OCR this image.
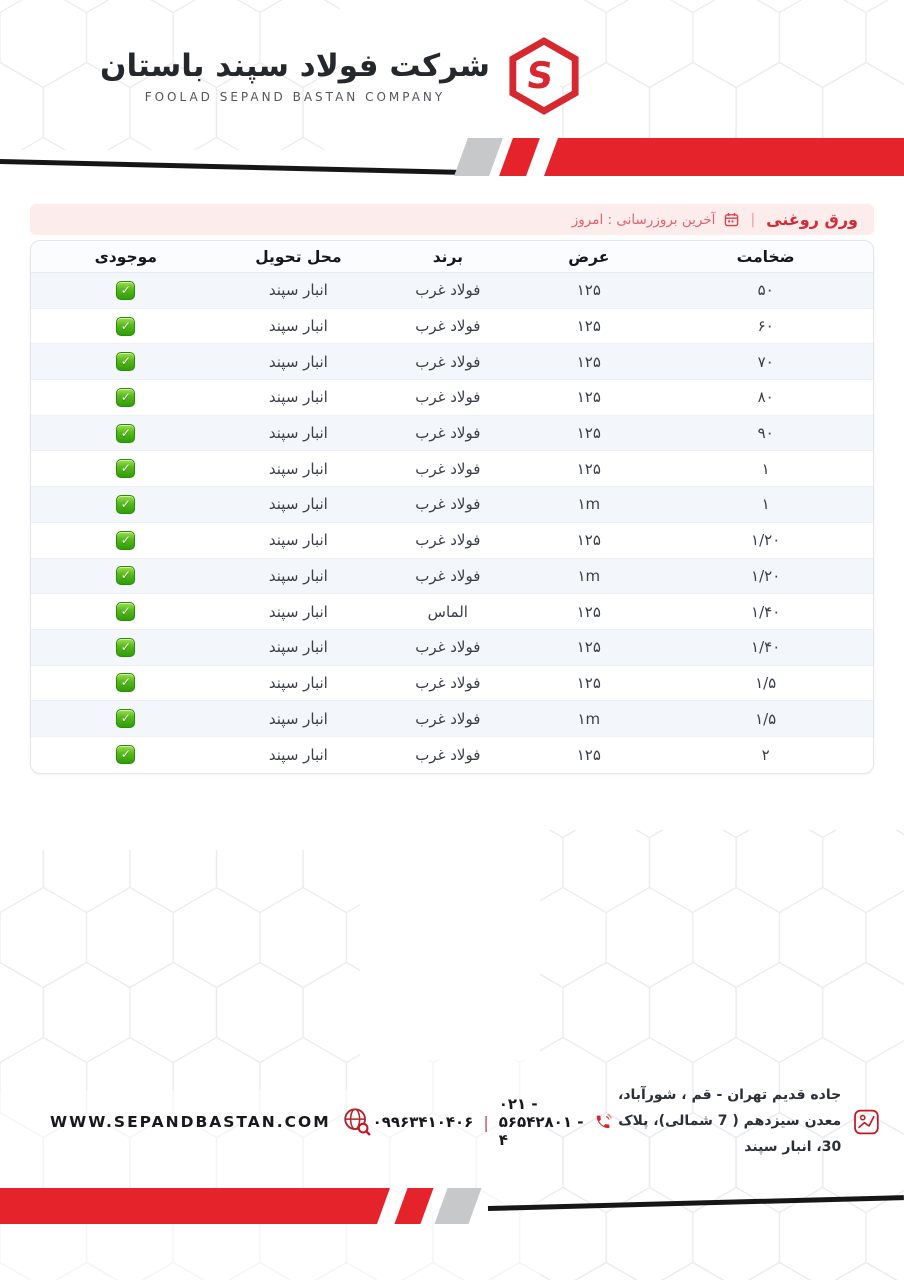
شرکت فولاد سپند باستان
FOOLAD SEPAND BASTAN COMPANY S
ورق روغنی
|
آخرین بروزرسانی : امروز
ضخامت
عرض
برند
محل تحویل
موجودی
۵۰
۱۲۵
فولاد غرب
انبار سپند
✓
۶۰
۱۲۵
فولاد غرب
انبار سپند
✓
۷۰
۱۲۵
فولاد غرب
انبار سپند
✓
۸۰
۱۲۵
فولاد غرب
انبار سپند
✓
۹۰
۱۲۵
فولاد غرب
انبار سپند
✓
۱
۱۲۵
فولاد غرب
انبار سپند
✓
۱
۱m
فولاد غرب
انبار سپند
✓
۱/۲۰
۱۲۵
فولاد غرب
انبار سپند
✓
۱/۲۰
۱m
فولاد غرب
انبار سپند
✓
۱/۴۰
۱۲۵
الماس
انبار سپند
✓
۱/۴۰
۱۲۵
فولاد غرب
انبار سپند
✓
۱/۵
۱۲۵
فولاد غرب
انبار سپند
✓
۱/۵
۱m
فولاد غرب
انبار سپند
✓
۲
۱۲۵
فولاد غرب
انبار سپند
✓
WWW.SEPANDBASTAN.COM	۰۹۹۶۳۴۱۰۴۰۶ |
۰۲۱ - ۵۶۵۴۲۸۰۱ - ۴
جاده قدیم تهران - قم ، شورآباد،
معدن سیزدهم ( 7 شمالی)، پلاک 30، انبار سپند
